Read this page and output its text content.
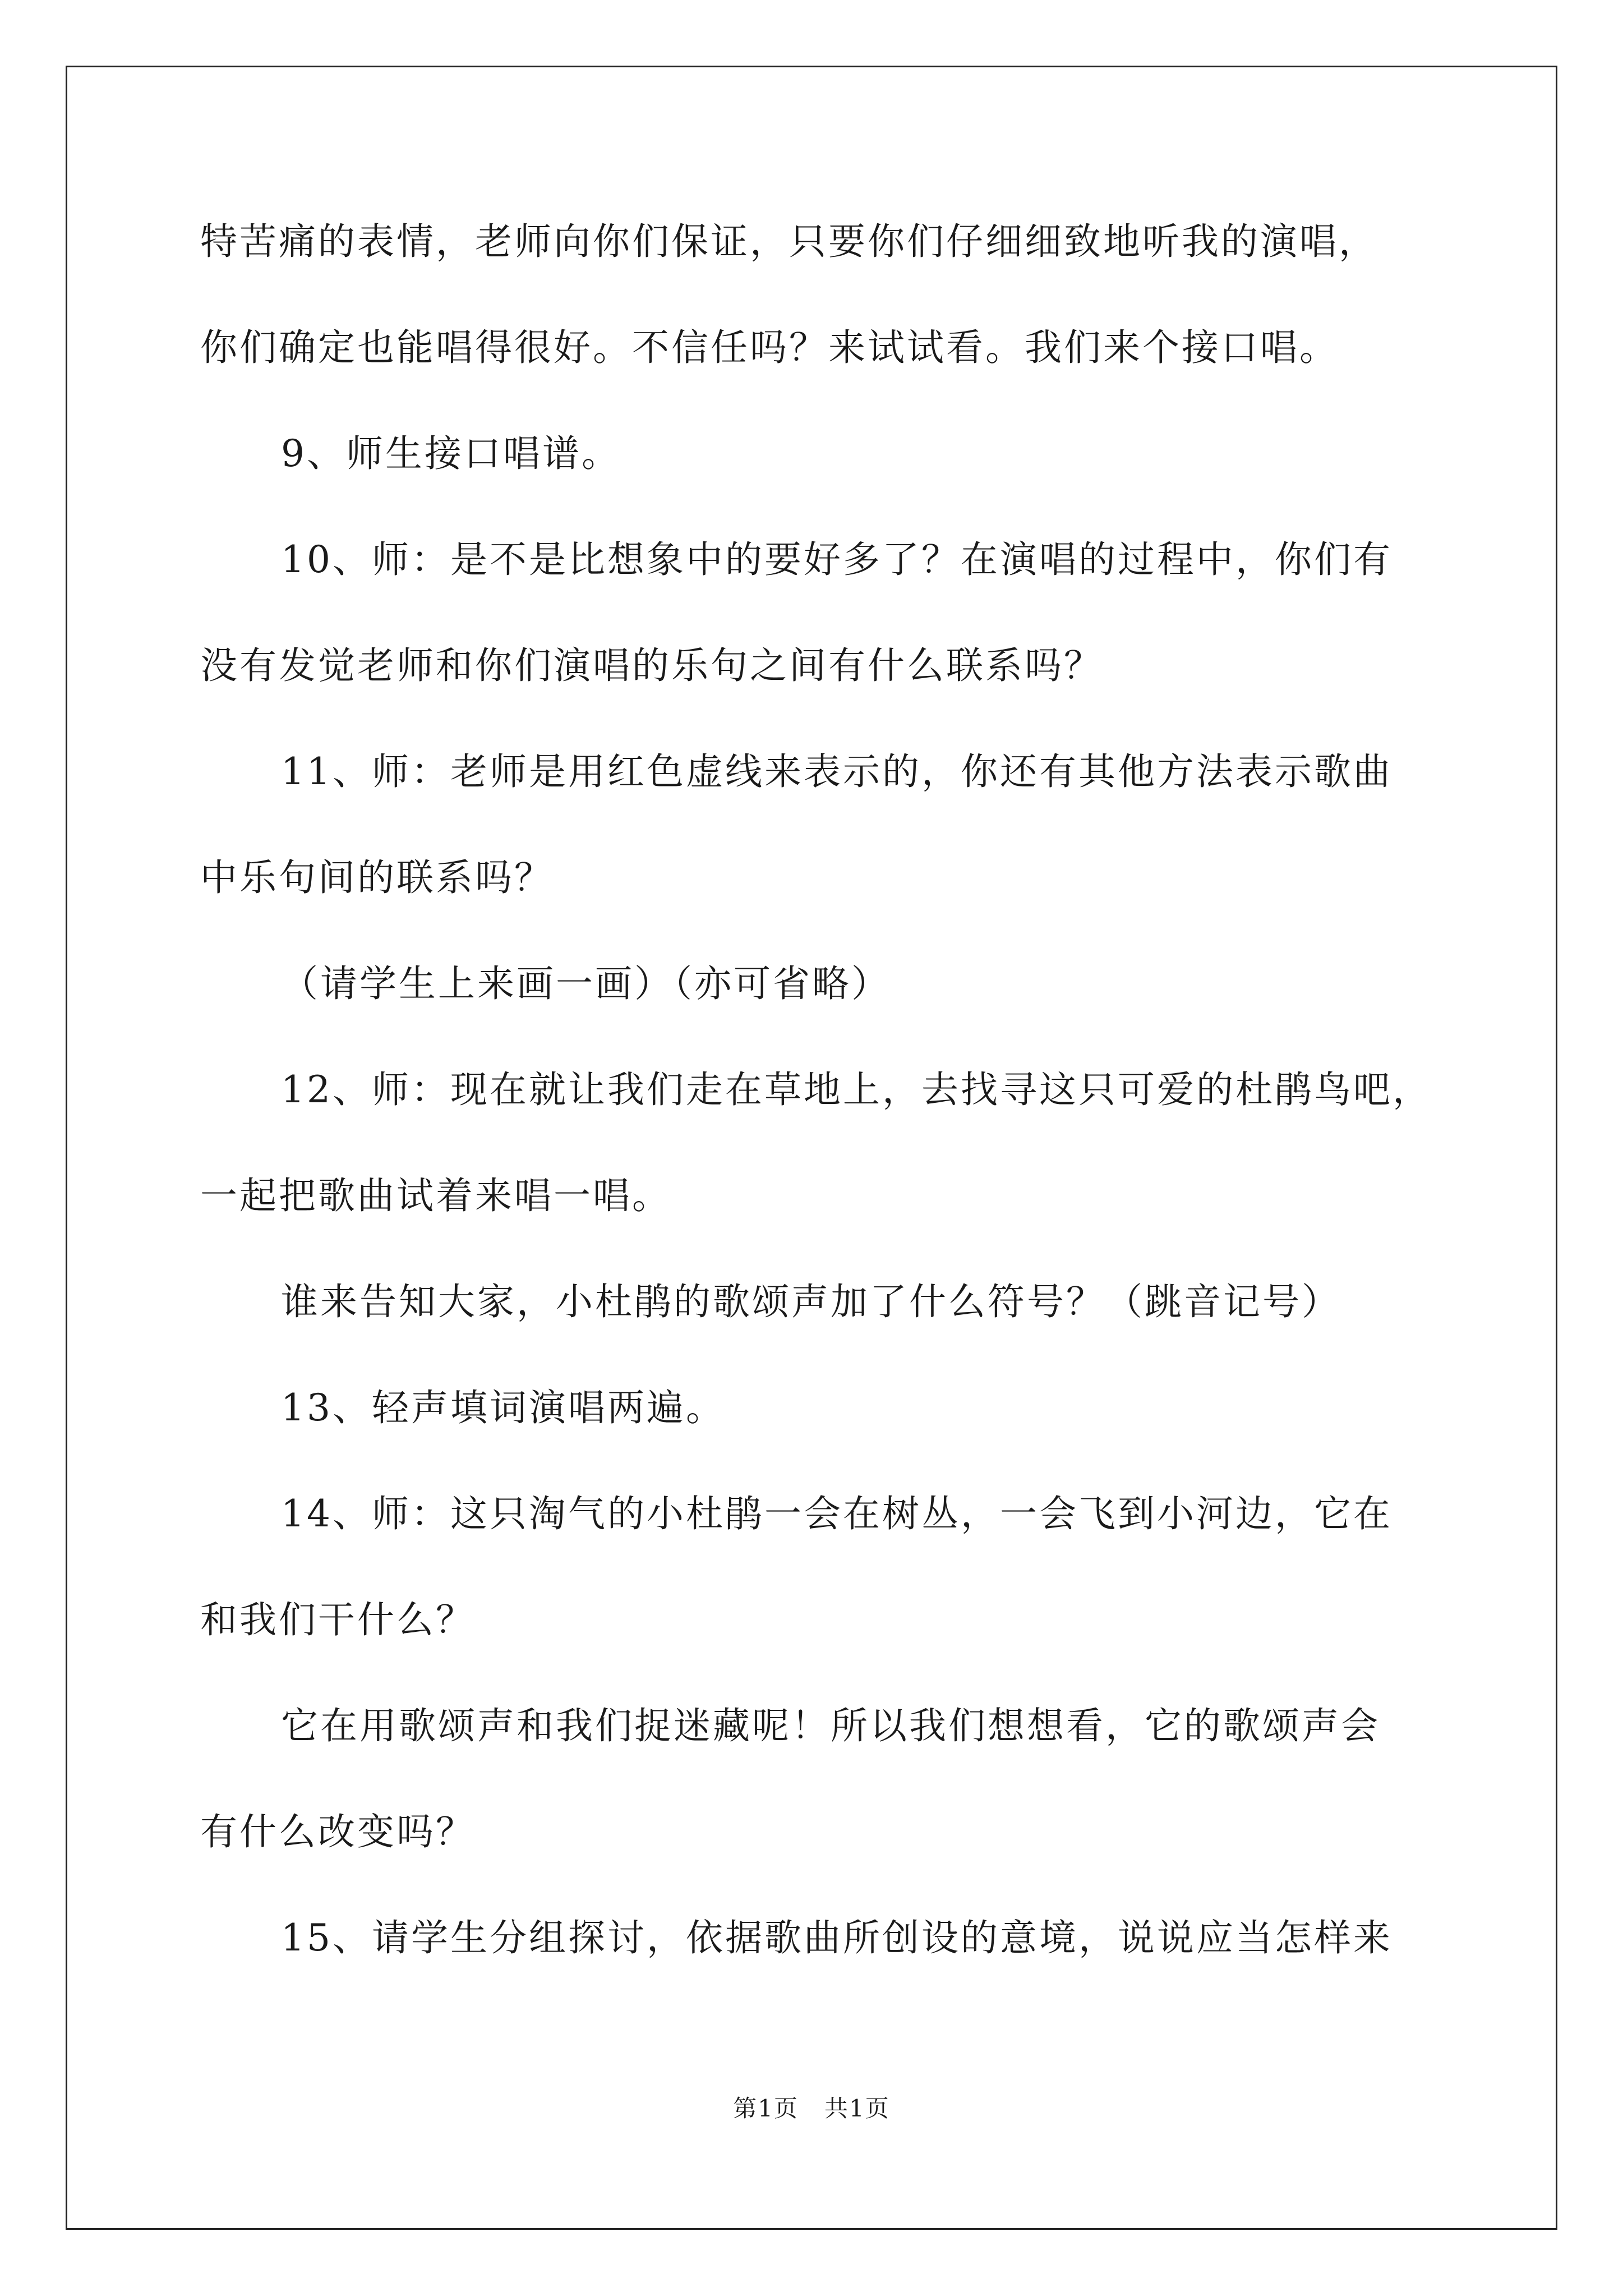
特苦痛的表情，老师向你们保证，只要你们仔细细致地听我的演唱，
你们确定也能唱得很好。不信任吗？来试试看。我们来个接口唱。
9、师生接口唱谱。
10、师：是不是比想象中的要好多了？在演唱的过程中，你们有
没有发觉老师和你们演唱的乐句之间有什么联系吗？
11、师：老师是用红色虚线来表示的，你还有其他方法表示歌曲
中乐句间的联系吗？
（请学生上来画一画）（亦可省略）
12、师：现在就让我们走在草地上，去找寻这只可爱的杜鹃鸟吧，
一起把歌曲试着来唱一唱。
谁来告知大家，小杜鹃的歌颂声加了什么符号？（跳音记号）
13、轻声填词演唱两遍。
14、师：这只淘气的小杜鹃一会在树丛，一会飞到小河边，它在
和我们干什么？
它在用歌颂声和我们捉迷藏呢！所以我们想想看，它的歌颂声会
有什么改变吗？
15、请学生分组探讨，依据歌曲所创设的意境，说说应当怎样来
第1页 共1页
